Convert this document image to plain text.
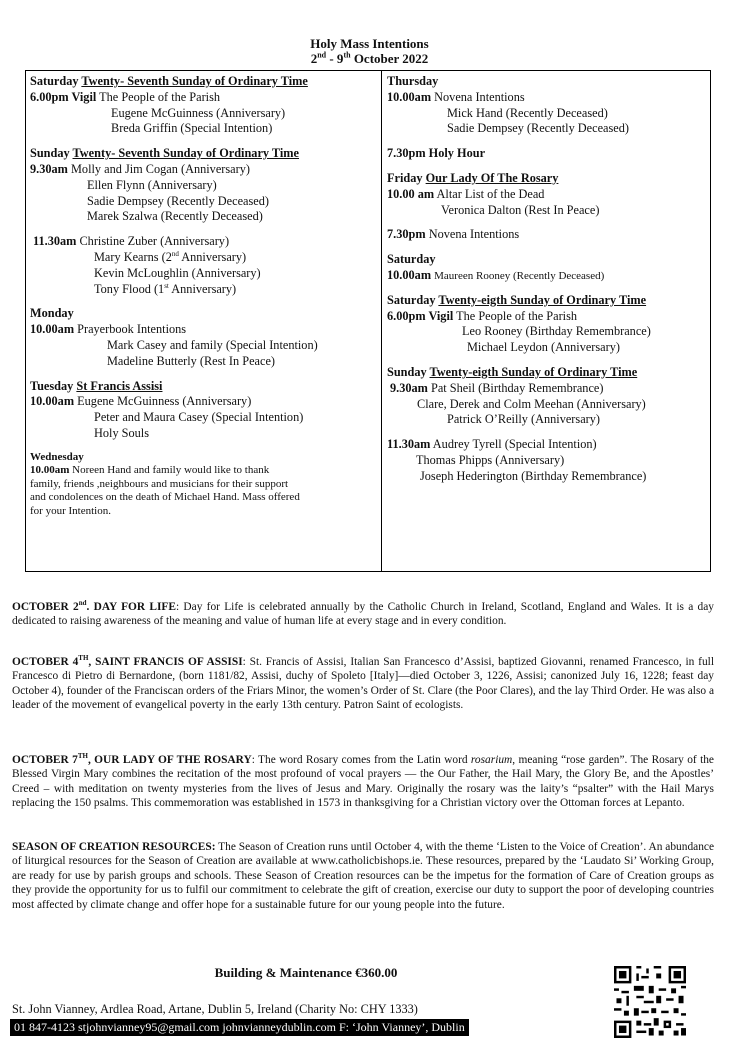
Holy Mass Intentions
2nd - 9th October 2022
Saturday Twenty- Seventh Sunday of Ordinary Time
6.00pm Vigil The People of the Parish
Eugene McGuinness (Anniversary)
Breda Griffin (Special Intention)
Sunday Twenty- Seventh Sunday of Ordinary Time
9.30am Molly and Jim Cogan (Anniversary)
Ellen Flynn (Anniversary)
Sadie Dempsey (Recently Deceased)
Marek Szalwa (Recently Deceased)
11.30am Christine Zuber (Anniversary)
Mary Kearns (2nd Anniversary)
Kevin McLoughlin (Anniversary)
Tony Flood (1st Anniversary)
Monday
10.00am Prayerbook Intentions
Mark Casey and family (Special Intention)
Madeline Butterly (Rest In Peace)
Tuesday St Francis Assisi
10.00am Eugene McGuinness (Anniversary)
Peter and Maura Casey (Special Intention)
Holy Souls
Wednesday
10.00am Noreen Hand and family would like to thank
family, friends ,neighbours and musicians for their support
and condolences on the death of Michael Hand. Mass offered
for your Intention.
Thursday
10.00am Novena Intentions
Mick Hand (Recently Deceased)
Sadie Dempsey (Recently Deceased)
7.30pm Holy Hour
Friday Our Lady Of The Rosary
10.00 am Altar List of the Dead
Veronica Dalton (Rest In Peace)
7.30pm Novena Intentions
Saturday
10.00am Maureen Rooney (Recently Deceased)
Saturday Twenty-eigth Sunday of Ordinary Time
6.00pm Vigil The People of the Parish
Leo Rooney (Birthday Remembrance)
Michael Leydon (Anniversary)
Sunday Twenty-eigth Sunday of Ordinary Time
9.30am Pat Sheil (Birthday Remembrance)
Clare, Derek and Colm Meehan (Anniversary)
Patrick O’Reilly (Anniversary)
11.30am Audrey Tyrell (Special Intention)
Thomas Phipps (Anniversary)
Joseph Hederington (Birthday Remembrance)
OCTOBER 2nd. DAY FOR LIFE: Day for Life is celebrated annually by the Catholic Church in Ireland, Scotland, England and Wales. It is a day dedicated to raising awareness of the meaning and value of human life at every stage and in every condition.
OCTOBER 4TH, SAINT FRANCIS OF ASSISI: St. Francis of Assisi, Italian San Francesco d’Assisi, baptized Giovanni, renamed Francesco, in full Francesco di Pietro di Bernardone, (born 1181/82, Assisi, duchy of Spoleto [Italy]—died October 3, 1226, Assisi; canonized July 16, 1228; feast day October 4), founder of the Franciscan orders of the Friars Minor, the women’s Order of St. Clare (the Poor Clares), and the lay Third Order. He was also a leader of the movement of evangelical poverty in the early 13th century. Patron Saint of ecologists.
OCTOBER 7TH, OUR LADY OF THE ROSARY: The word Rosary comes from the Latin word rosarium, meaning “rose garden”. The Rosary of the Blessed Virgin Mary combines the recitation of the most profound of vocal prayers — the Our Father, the Hail Mary, the Glory Be, and the Apostles’ Creed – with meditation on twenty mysteries from the lives of Jesus and Mary. Originally the rosary was the laity’s “psalter” with the Hail Marys replacing the 150 psalms. This commemoration was established in 1573 in thanksgiving for a Christian victory over the Ottoman forces at Lepanto.
SEASON OF CREATION RESOURCES: The Season of Creation runs until October 4, with the theme ‘Listen to the Voice of Creation’. An abundance of liturgical resources for the Season of Creation are available at www.catholicbishops.ie. These resources, prepared by the ‘Laudato Si’ Working Group, are ready for use by parish groups and schools. These Season of Creation resources can be the impetus for the formation of Care of Creation groups as they provide the opportunity for us to fulfil our commitment to celebrate the gift of creation, exercise our duty to support the poor of developing countries most affected by climate change and offer hope for a sustainable future for our young people into the future.
Building & Maintenance €360.00
St. John Vianney, Ardlea Road, Artane, Dublin 5, Ireland (Charity No: CHY 1333)
01 847-4123 stjohnvianney95@gmail.com johnvianneydublin.com F: ‘John Vianney’, Dublin
